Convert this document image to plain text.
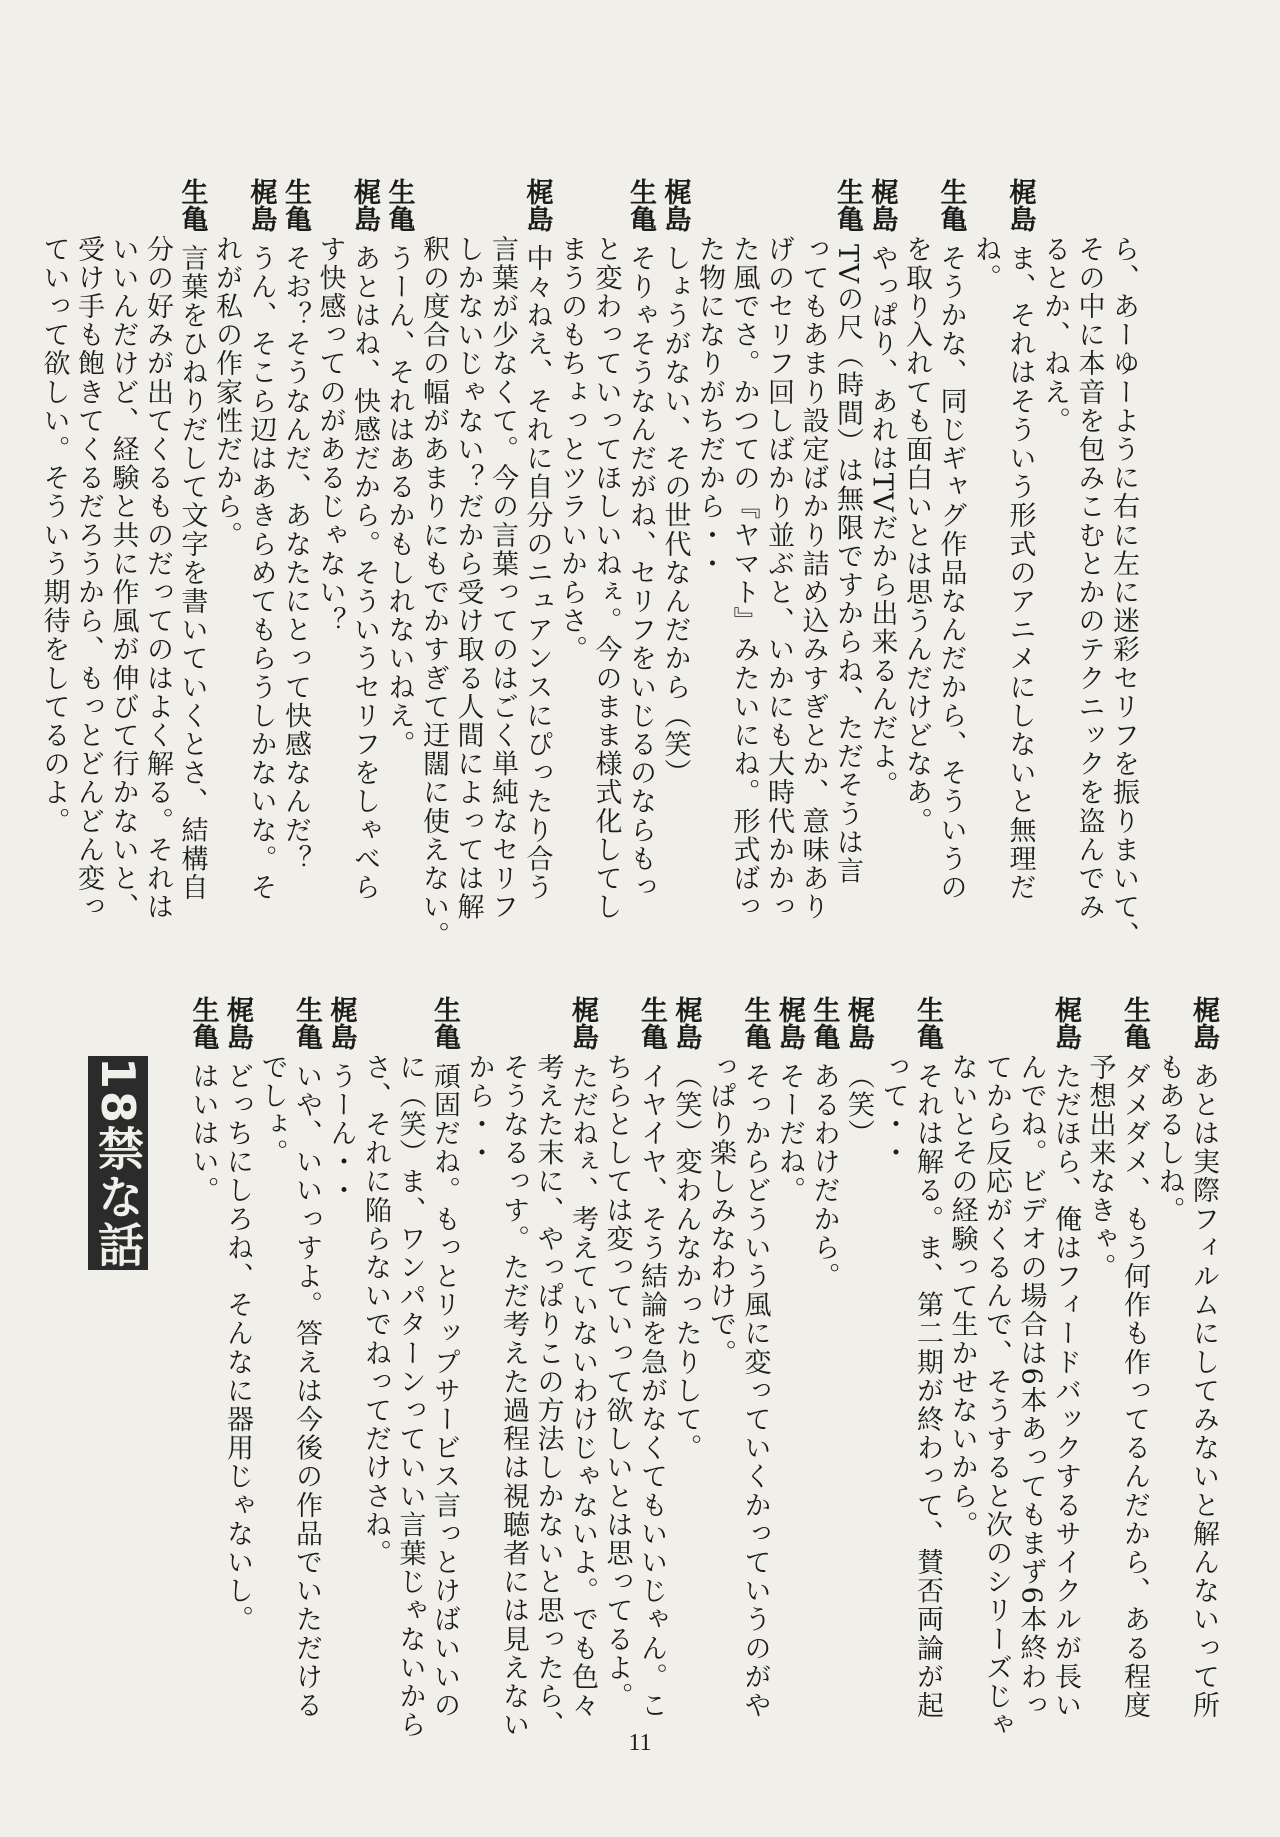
ら、あーゆーように右に左に迷彩セリフを振りまいて、
その中に本音を包みこむとかのテクニックを盗んでみ
るとか、ねえ。
梶島ま、それはそういう形式のアニメにしないと無理だ
ね。
生亀そうかな、同じギャグ作品なんだから、そういうの
を取り入れても面白いとは思うんだけどなあ。
梶島やっぱり、あれはTVだから出来るんだよ。
生亀TVの尺（時間）は無限ですからね、ただそうは言
ってもあまり設定ばかり詰め込みすぎとか、意味あり
げのセリフ回しばかり並ぶと、いかにも大時代かかっ
た風でさ。かつての『ヤマト』みたいにね。形式ばっ
た物になりがちだから・・
梶島しょうがない、その世代なんだから（笑）
生亀そりゃそうなんだがね、セリフをいじるのならもっ
と変わっていってほしいねぇ。今のまま様式化してし
まうのもちょっとツラいからさ。
梶島中々ねえ、それに自分のニュアンスにぴったり合う
言葉が少なくて。今の言葉ってのはごく単純なセリフ
しかないじゃない？だから受け取る人間によっては解
釈の度合の幅があまりにもでかすぎて迂闊に使えない。
生亀うーん、それはあるかもしれないねえ。
梶島あとはね、快感だから。そういうセリフをしゃべら
す快感ってのがあるじゃない？
生亀そお？そうなんだ、あなたにとって快感なんだ？
梶島うん、そこら辺はあきらめてもらうしかないな。そ
れが私の作家性だから。
生亀言葉をひねりだして文字を書いていくとさ、結構自
分の好みが出てくるものだってのはよく解る。それは
いいんだけど、経験と共に作風が伸びて行かないと、
受け手も飽きてくるだろうから、もっとどんどん変っ
ていって欲しい。そういう期待をしてるのよ。
梶島あとは実際フィルムにしてみないと解んないって所
もあるしね。
生亀ダメダメ、もう何作も作ってるんだから、ある程度
予想出来なきゃ。
梶島ただほら、俺はフィードバックするサイクルが長い
んでね。ビデオの場合は6本あってもまず6本終わっ
てから反応がくるんで、そうすると次のシリーズじゃ
ないとその経験って生かせないから。
生亀それは解る。ま、第二期が終わって、賛否両論が起
って・・
梶島（笑）
生亀あるわけだから。
梶島そーだね。
生亀そっからどういう風に変っていくかっていうのがや
っぱり楽しみなわけで。
梶島（笑）変わんなかったりして。
生亀イヤイヤ、そう結論を急がなくてもいいじゃん。こ
ちらとしては変っていって欲しいとは思ってるよ。
梶島ただねぇ、考えていないわけじゃないよ。でも色々
考えた末に、やっぱりこの方法しかないと思ったら、
そうなるっす。ただ考えた過程は視聴者には見えない
から・・
生亀頑固だね。もっとリップサービス言っとけばいいの
に（笑）ま、ワンパターンっていい言葉じゃないから
さ、それに陥らないでねってだけさね。
梶島うーん・・
生亀いや、いいっすよ。答えは今後の作品でいただける
でしょ。
梶島どっちにしろね、そんなに器用じゃないし。
生亀はいはい。
18禁な話
11
